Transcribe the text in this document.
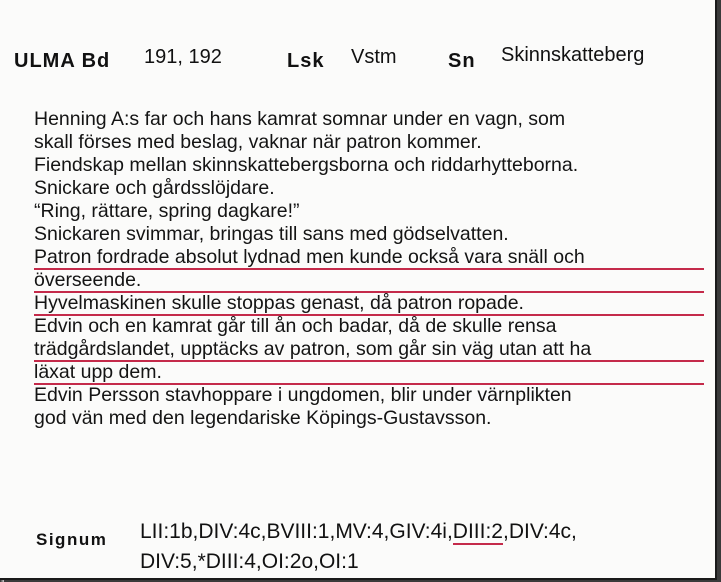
ULMA Bd 191, 192	Lsk Vstm	Sn Skinnskatteberg
Henning A:s far och hans kamrat somnar under en vagn, som
skall förses med beslag, vaknar när patron kommer.
Fiendskap mellan skinnskattebergsborna och riddarhytteborna.
Snickare och gårdsslöjdare.
“Ring, rättare, spring dagkare!”
Snickaren svimmar, bringas till sans med gödselvatten.
Patron fordrade absolut lydnad men kunde också vara snäll och
överseende.
Hyvelmaskinen skulle stoppas genast, då patron ropade.
Edvin och en kamrat går till ån och badar, då de skulle rensa
trädgårdslandet, upptäcks av patron, som går sin väg utan att ha
läxat upp dem.
Edvin Persson stavhoppare i ungdomen, blir under värnplikten
god vän med den legendariske Köpings-Gustavsson.
Signum LII:1b,DIV:4c,BVIII:1,MV:4,GIV:4i,DIII:2,DIV:4c,
DIV:5,*DIII:4,OI:2o,OI:1
